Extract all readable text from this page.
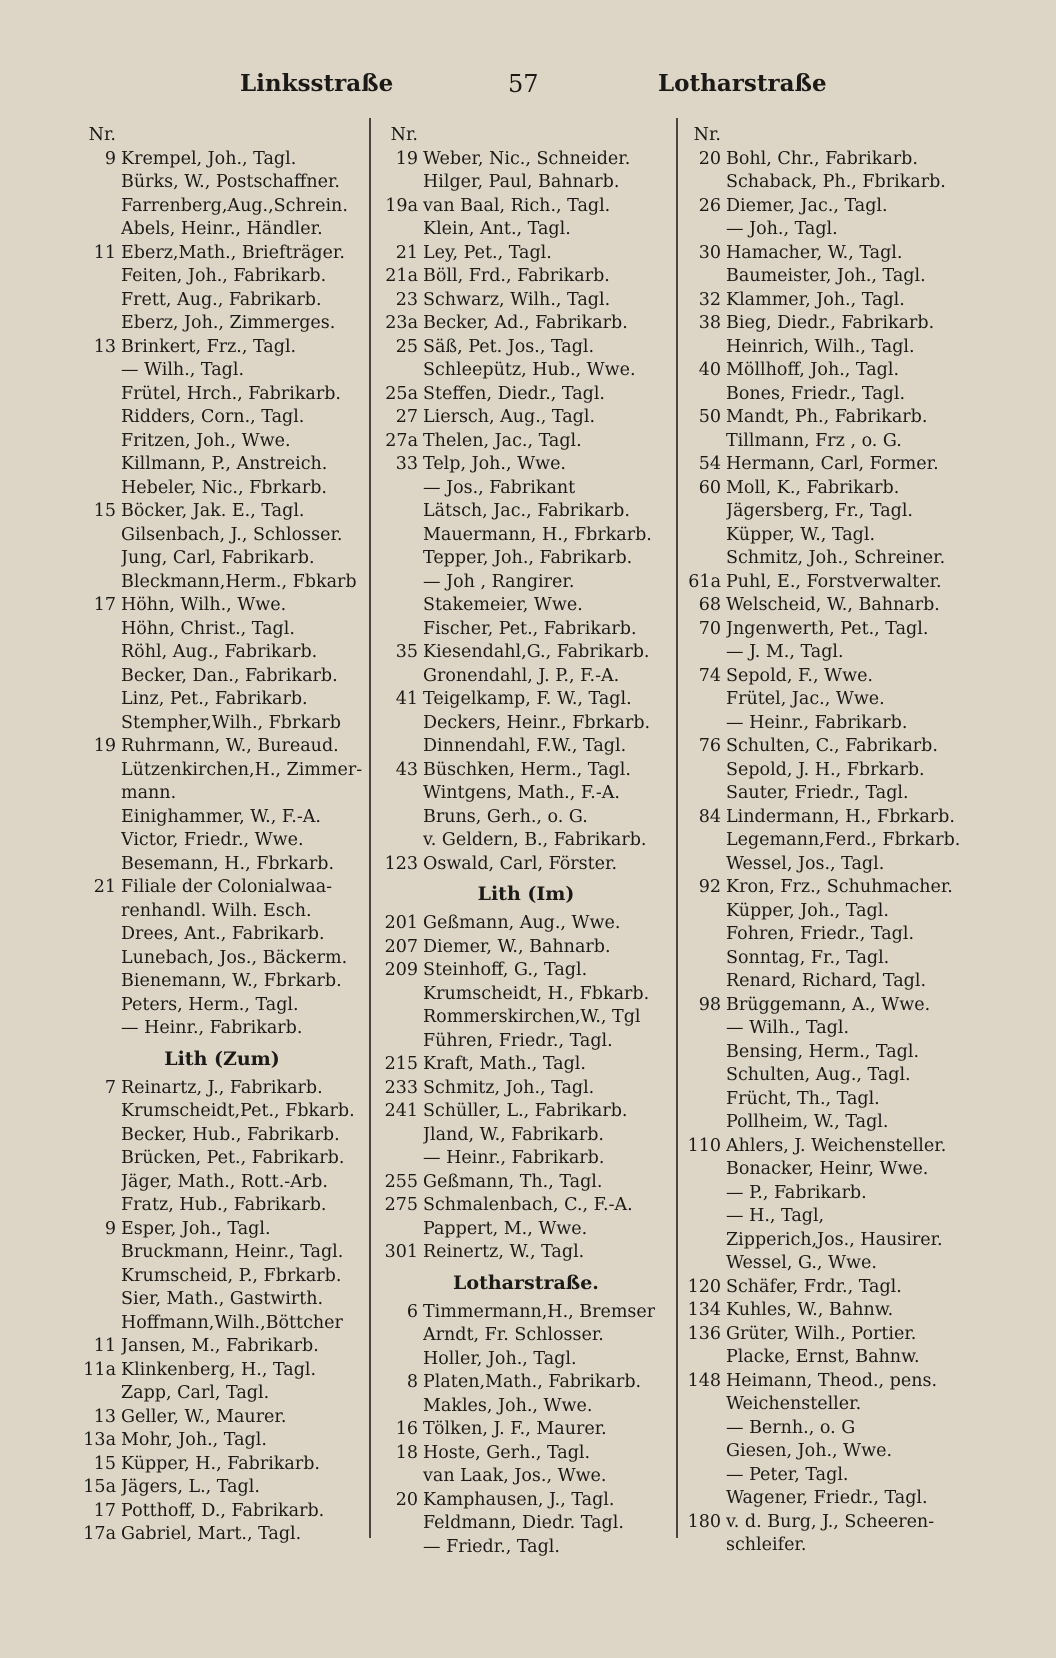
Linksstraße	57	Lotharstraße
Nr.
9 Krempel, Joh., Tagl.
Bürks, W., Postschaffner.
Farrenberg,Aug.,Schrein.
Abels, Heinr., Händler.
11 Eberz,Math., Briefträger.
Feiten, Joh., Fabrikarb.
Frett, Aug., Fabrikarb.
Eberz, Joh., Zimmerges.
13 Brinkert, Frz., Tagl.
— Wilh., Tagl.
Frütel, Hrch., Fabrikarb.
Ridders, Corn., Tagl.
Fritzen, Joh., Wwe.
Killmann, P., Anstreich.
Hebeler, Nic., Fbrkarb.
15 Böcker, Jak. E., Tagl.
Gilsenbach, J., Schlosser.
Jung, Carl, Fabrikarb.
Bleckmann,Herm., Fbkarb
17 Höhn, Wilh., Wwe.
Höhn, Christ., Tagl.
Röhl, Aug., Fabrikarb.
Becker, Dan., Fabrikarb.
Linz, Pet., Fabrikarb.
Stempher,Wilh., Fbrkarb
19 Ruhrmann, W., Bureaud.
Lützenkirchen,H., Zimmer-
mann.
Einighammer, W., F.-A.
Victor, Friedr., Wwe.
Besemann, H., Fbrkarb.
21 Filiale der Colonialwaa-
renhandl. Wilh. Esch.
Drees, Ant., Fabrikarb.
Lunebach, Jos., Bäckerm.
Bienemann, W., Fbrkarb.
Peters, Herm., Tagl.
— Heinr., Fabrikarb.
Lith (Zum)
7 Reinartz, J., Fabrikarb.
Krumscheidt,Pet., Fbkarb.
Becker, Hub., Fabrikarb.
Brücken, Pet., Fabrikarb.
Jäger, Math., Rott.-Arb.
Fratz, Hub., Fabrikarb.
9 Esper, Joh., Tagl.
Bruckmann, Heinr., Tagl.
Krumscheid, P., Fbrkarb.
Sier, Math., Gastwirth.
Hoffmann,Wilh.,Böttcher
11 Jansen, M., Fabrikarb.
11a Klinkenberg, H., Tagl.
Zapp, Carl, Tagl.
13 Geller, W., Maurer.
13a Mohr, Joh., Tagl.
15 Küpper, H., Fabrikarb.
15a Jägers, L., Tagl.
17 Potthoff, D., Fabrikarb.
17a Gabriel, Mart., Tagl.
Nr.
19 Weber, Nic., Schneider.
Hilger, Paul, Bahnarb.
19a van Baal, Rich., Tagl.
Klein, Ant., Tagl.
21 Ley, Pet., Tagl.
21a Böll, Frd., Fabrikarb.
23 Schwarz, Wilh., Tagl.
23a Becker, Ad., Fabrikarb.
25 Säß, Pet. Jos., Tagl.
Schleepütz, Hub., Wwe.
25a Steffen, Diedr., Tagl.
27 Liersch, Aug., Tagl.
27a Thelen, Jac., Tagl.
33 Telp, Joh., Wwe.
— Jos., Fabrikant
Lätsch, Jac., Fabrikarb.
Mauermann, H., Fbrkarb.
Tepper, Joh., Fabrikarb.
— Joh , Rangirer.
Stakemeier, Wwe.
Fischer, Pet., Fabrikarb.
35 Kiesendahl,G., Fabrikarb.
Gronendahl, J. P., F.-A.
41 Teigelkamp, F. W., Tagl.
Deckers, Heinr., Fbrkarb.
Dinnendahl, F.W., Tagl.
43 Büschken, Herm., Tagl.
Wintgens, Math., F.-A.
Bruns, Gerh., o. G.
v. Geldern, B., Fabrikarb.
123 Oswald, Carl, Förster.
Lith (Im)
201 Geßmann, Aug., Wwe.
207 Diemer, W., Bahnarb.
209 Steinhoff, G., Tagl.
Krumscheidt, H., Fbkarb.
Rommerskirchen,W., Tgl
Führen, Friedr., Tagl.
215 Kraft, Math., Tagl.
233 Schmitz, Joh., Tagl.
241 Schüller, L., Fabrikarb.
Jland, W., Fabrikarb.
— Heinr., Fabrikarb.
255 Geßmann, Th., Tagl.
275 Schmalenbach, C., F.-A.
Pappert, M., Wwe.
301 Reinertz, W., Tagl.
Lotharstraße.
6 Timmermann,H., Bremser
Arndt, Fr. Schlosser.
Holler, Joh., Tagl.
8 Platen,Math., Fabrikarb.
Makles, Joh., Wwe.
16 Tölken, J. F., Maurer.
18 Hoste, Gerh., Tagl.
van Laak, Jos., Wwe.
20 Kamphausen, J., Tagl.
Feldmann, Diedr. Tagl.
— Friedr., Tagl.
Nr.
20 Bohl, Chr., Fabrikarb.
Schaback, Ph., Fbrikarb.
26 Diemer, Jac., Tagl.
— Joh., Tagl.
30 Hamacher, W., Tagl.
Baumeister, Joh., Tagl.
32 Klammer, Joh., Tagl.
38 Bieg, Diedr., Fabrikarb.
Heinrich, Wilh., Tagl.
40 Möllhoff, Joh., Tagl.
Bones, Friedr., Tagl.
50 Mandt, Ph., Fabrikarb.
Tillmann, Frz , o. G.
54 Hermann, Carl, Former.
60 Moll, K., Fabrikarb.
Jägersberg, Fr., Tagl.
Küpper, W., Tagl.
Schmitz, Joh., Schreiner.
61a Puhl, E., Forstverwalter.
68 Welscheid, W., Bahnarb.
70 Jngenwerth, Pet., Tagl.
— J. M., Tagl.
74 Sepold, F., Wwe.
Frütel, Jac., Wwe.
— Heinr., Fabrikarb.
76 Schulten, C., Fabrikarb.
Sepold, J. H., Fbrkarb.
Sauter, Friedr., Tagl.
84 Lindermann, H., Fbrkarb.
Legemann,Ferd., Fbrkarb.
Wessel, Jos., Tagl.
92 Kron, Frz., Schuhmacher.
Küpper, Joh., Tagl.
Fohren, Friedr., Tagl.
Sonntag, Fr., Tagl.
Renard, Richard, Tagl.
98 Brüggemann, A., Wwe.
— Wilh., Tagl.
Bensing, Herm., Tagl.
Schulten, Aug., Tagl.
Frücht, Th., Tagl.
Pollheim, W., Tagl.
110 Ahlers, J. Weichensteller.
Bonacker, Heinr, Wwe.
— P., Fabrikarb.
— H., Tagl,
Zipperich,Jos., Hausirer.
Wessel, G., Wwe.
120 Schäfer, Frdr., Tagl.
134 Kuhles, W., Bahnw.
136 Grüter, Wilh., Portier.
Placke, Ernst, Bahnw.
148 Heimann, Theod., pens.
Weichensteller.
— Bernh., o. G
Giesen, Joh., Wwe.
— Peter, Tagl.
Wagener, Friedr., Tagl.
180 v. d. Burg, J., Scheeren-
schleifer.
